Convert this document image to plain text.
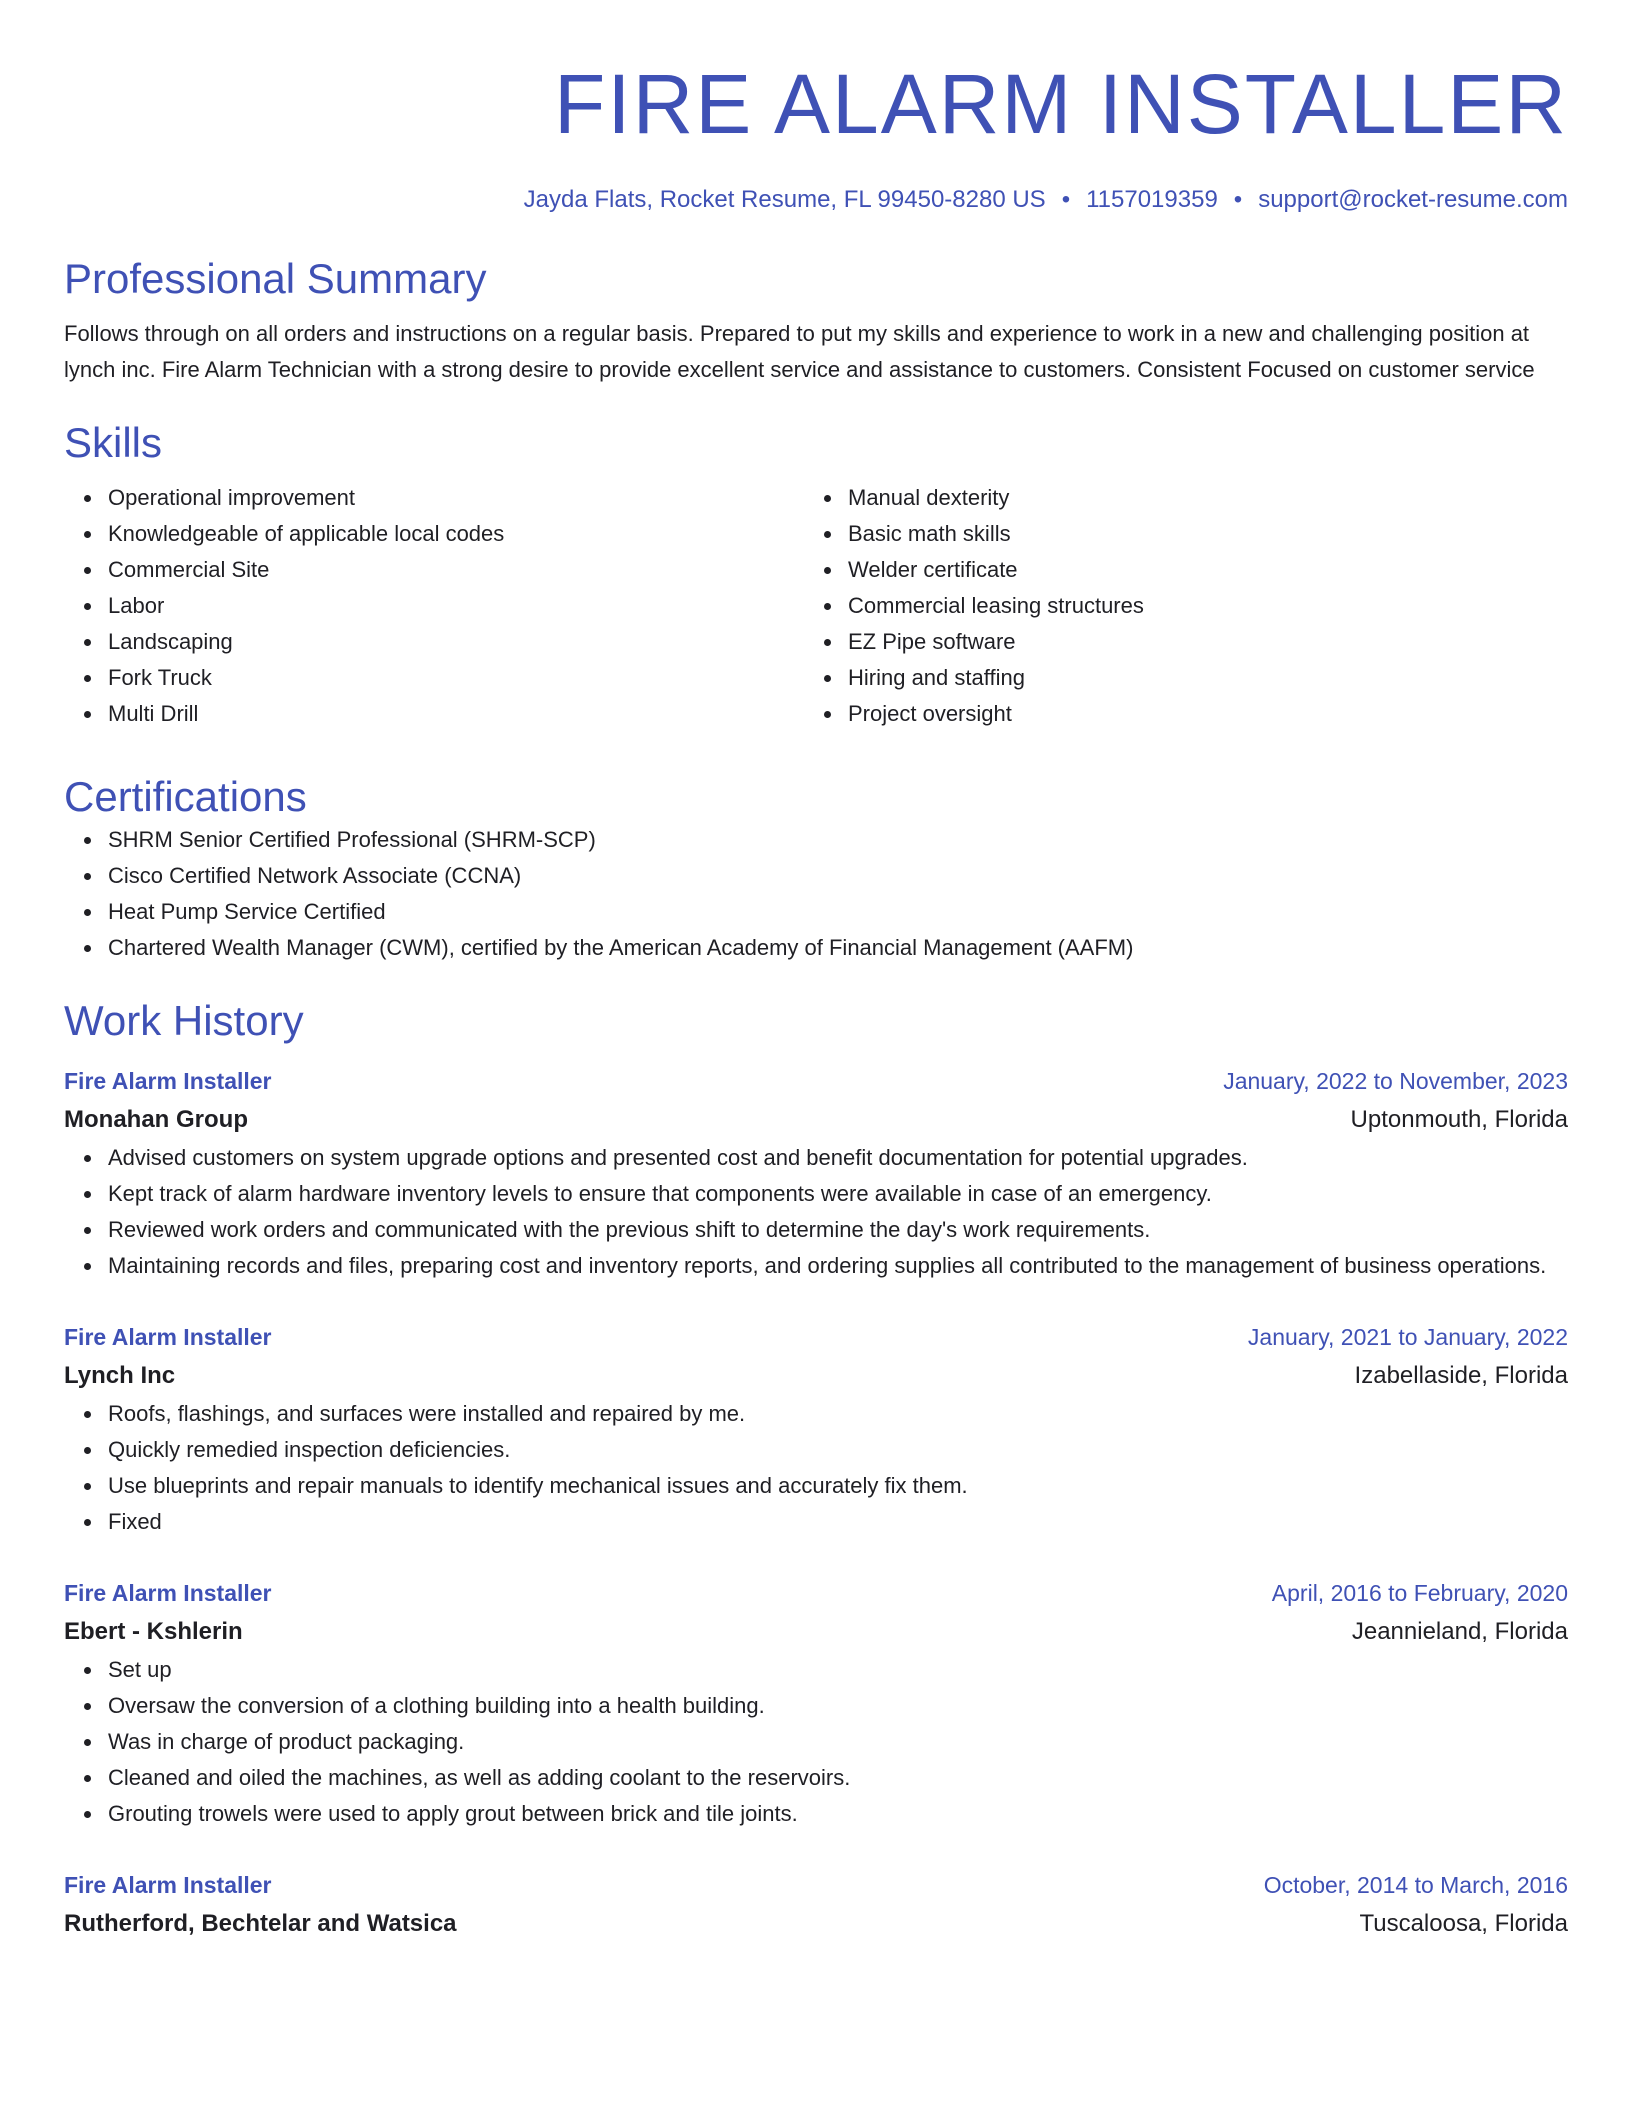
FIRE ALARM INSTALLER
Jayda Flats, Rocket Resume, FL 99450-8280 US • 1157019359 • support@rocket-resume.com
Professional Summary

Follows through on all orders and instructions on a regular basis. Prepared to put my skills and experience to work in a new and challenging position at lynch inc. Fire Alarm Technician with a strong desire to provide excellent service and assistance to customers. Consistent Focused on customer service

Skills
Operational improvement
Knowledgeable of applicable local codes
Commercial Site
Labor
Landscaping
Fork Truck
Multi Drill
Manual dexterity
Basic math skills
Welder certificate
Commercial leasing structures
EZ Pipe software
Hiring and staffing
Project oversight
Certifications
SHRM Senior Certified Professional (SHRM-SCP)
Cisco Certified Network Associate (CCNA)
Heat Pump Service Certified
Chartered Wealth Manager (CWM), certified by the American Academy of Financial Management (AAFM)
Work History
Fire Alarm Installer	January, 2022 to November, 2023
Monahan Group	Uptonmouth, Florida
Advised customers on system upgrade options and presented cost and benefit documentation for potential upgrades.
Kept track of alarm hardware inventory levels to ensure that components were available in case of an emergency.
Reviewed work orders and communicated with the previous shift to determine the day's work requirements.
Maintaining records and files, preparing cost and inventory reports, and ordering supplies all contributed to the management of business operations.
Fire Alarm Installer	January, 2021 to January, 2022
Lynch Inc	Izabellaside, Florida
Roofs, flashings, and surfaces were installed and repaired by me.
Quickly remedied inspection deficiencies.
Use blueprints and repair manuals to identify mechanical issues and accurately fix them.
Fixed
Fire Alarm Installer	April, 2016 to February, 2020
Ebert - Kshlerin	Jeannieland, Florida
Set up
Oversaw the conversion of a clothing building into a health building.
Was in charge of product packaging.
Cleaned and oiled the machines, as well as adding coolant to the reservoirs.
Grouting trowels were used to apply grout between brick and tile joints.
Fire Alarm Installer	October, 2014 to March, 2016
Rutherford, Bechtelar and Watsica	Tuscaloosa, Florida
